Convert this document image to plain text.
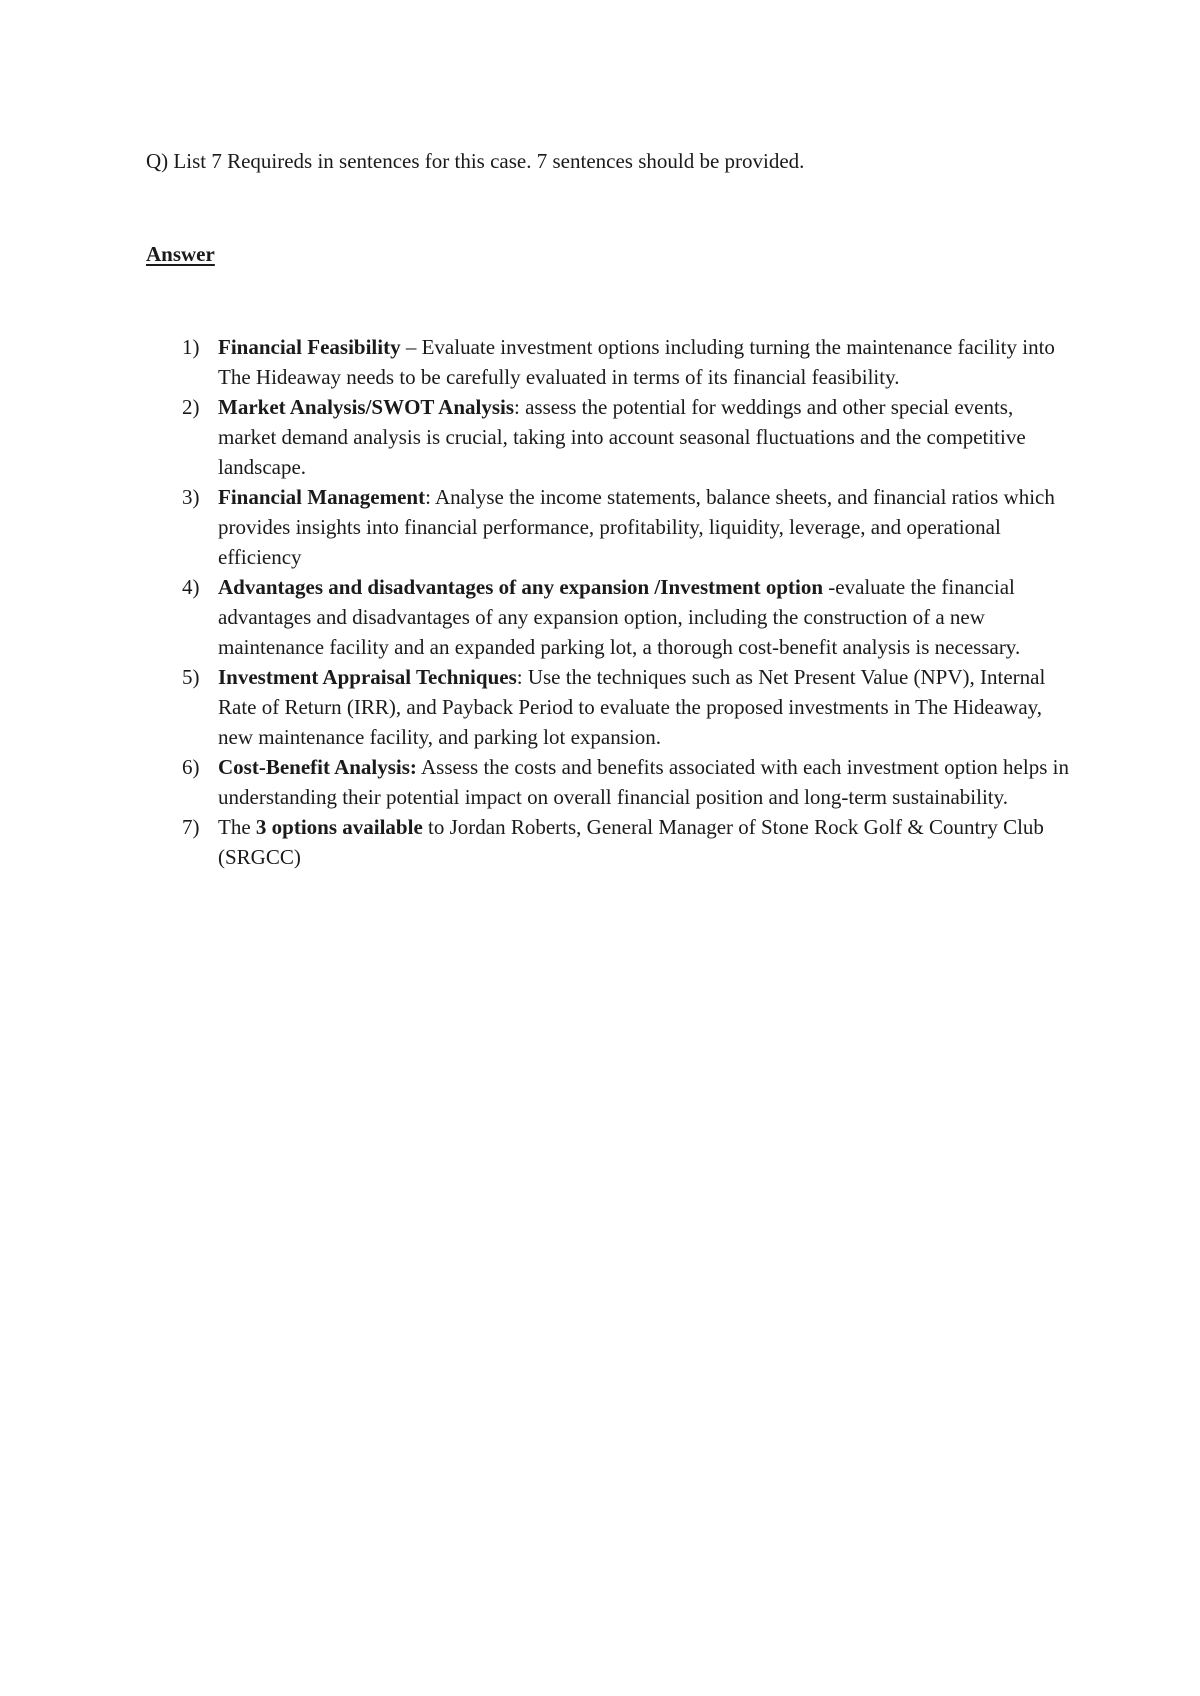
Q) List 7 Requireds in sentences for this case. 7 sentences should be provided.
Answer
1) Financial Feasibility – Evaluate investment options including turning the maintenance facility into The Hideaway needs to be carefully evaluated in terms of its financial feasibility.
2) Market Analysis/SWOT Analysis: assess the potential for weddings and other special events, market demand analysis is crucial, taking into account seasonal fluctuations and the competitive landscape.
3) Financial Management: Analyse the income statements, balance sheets, and financial ratios which provides insights into financial performance, profitability, liquidity, leverage, and operational efficiency
4) Advantages and disadvantages of any expansion /Investment option -evaluate the financial advantages and disadvantages of any expansion option, including the construction of a new maintenance facility and an expanded parking lot, a thorough cost-benefit analysis is necessary.
5) Investment Appraisal Techniques: Use the techniques such as Net Present Value (NPV), Internal Rate of Return (IRR), and Payback Period to evaluate the proposed investments in The Hideaway, new maintenance facility, and parking lot expansion.
6) Cost-Benefit Analysis: Assess the costs and benefits associated with each investment option helps in understanding their potential impact on overall financial position and long-term sustainability.
7) The 3 options available to Jordan Roberts, General Manager of Stone Rock Golf & Country Club (SRGCC)
